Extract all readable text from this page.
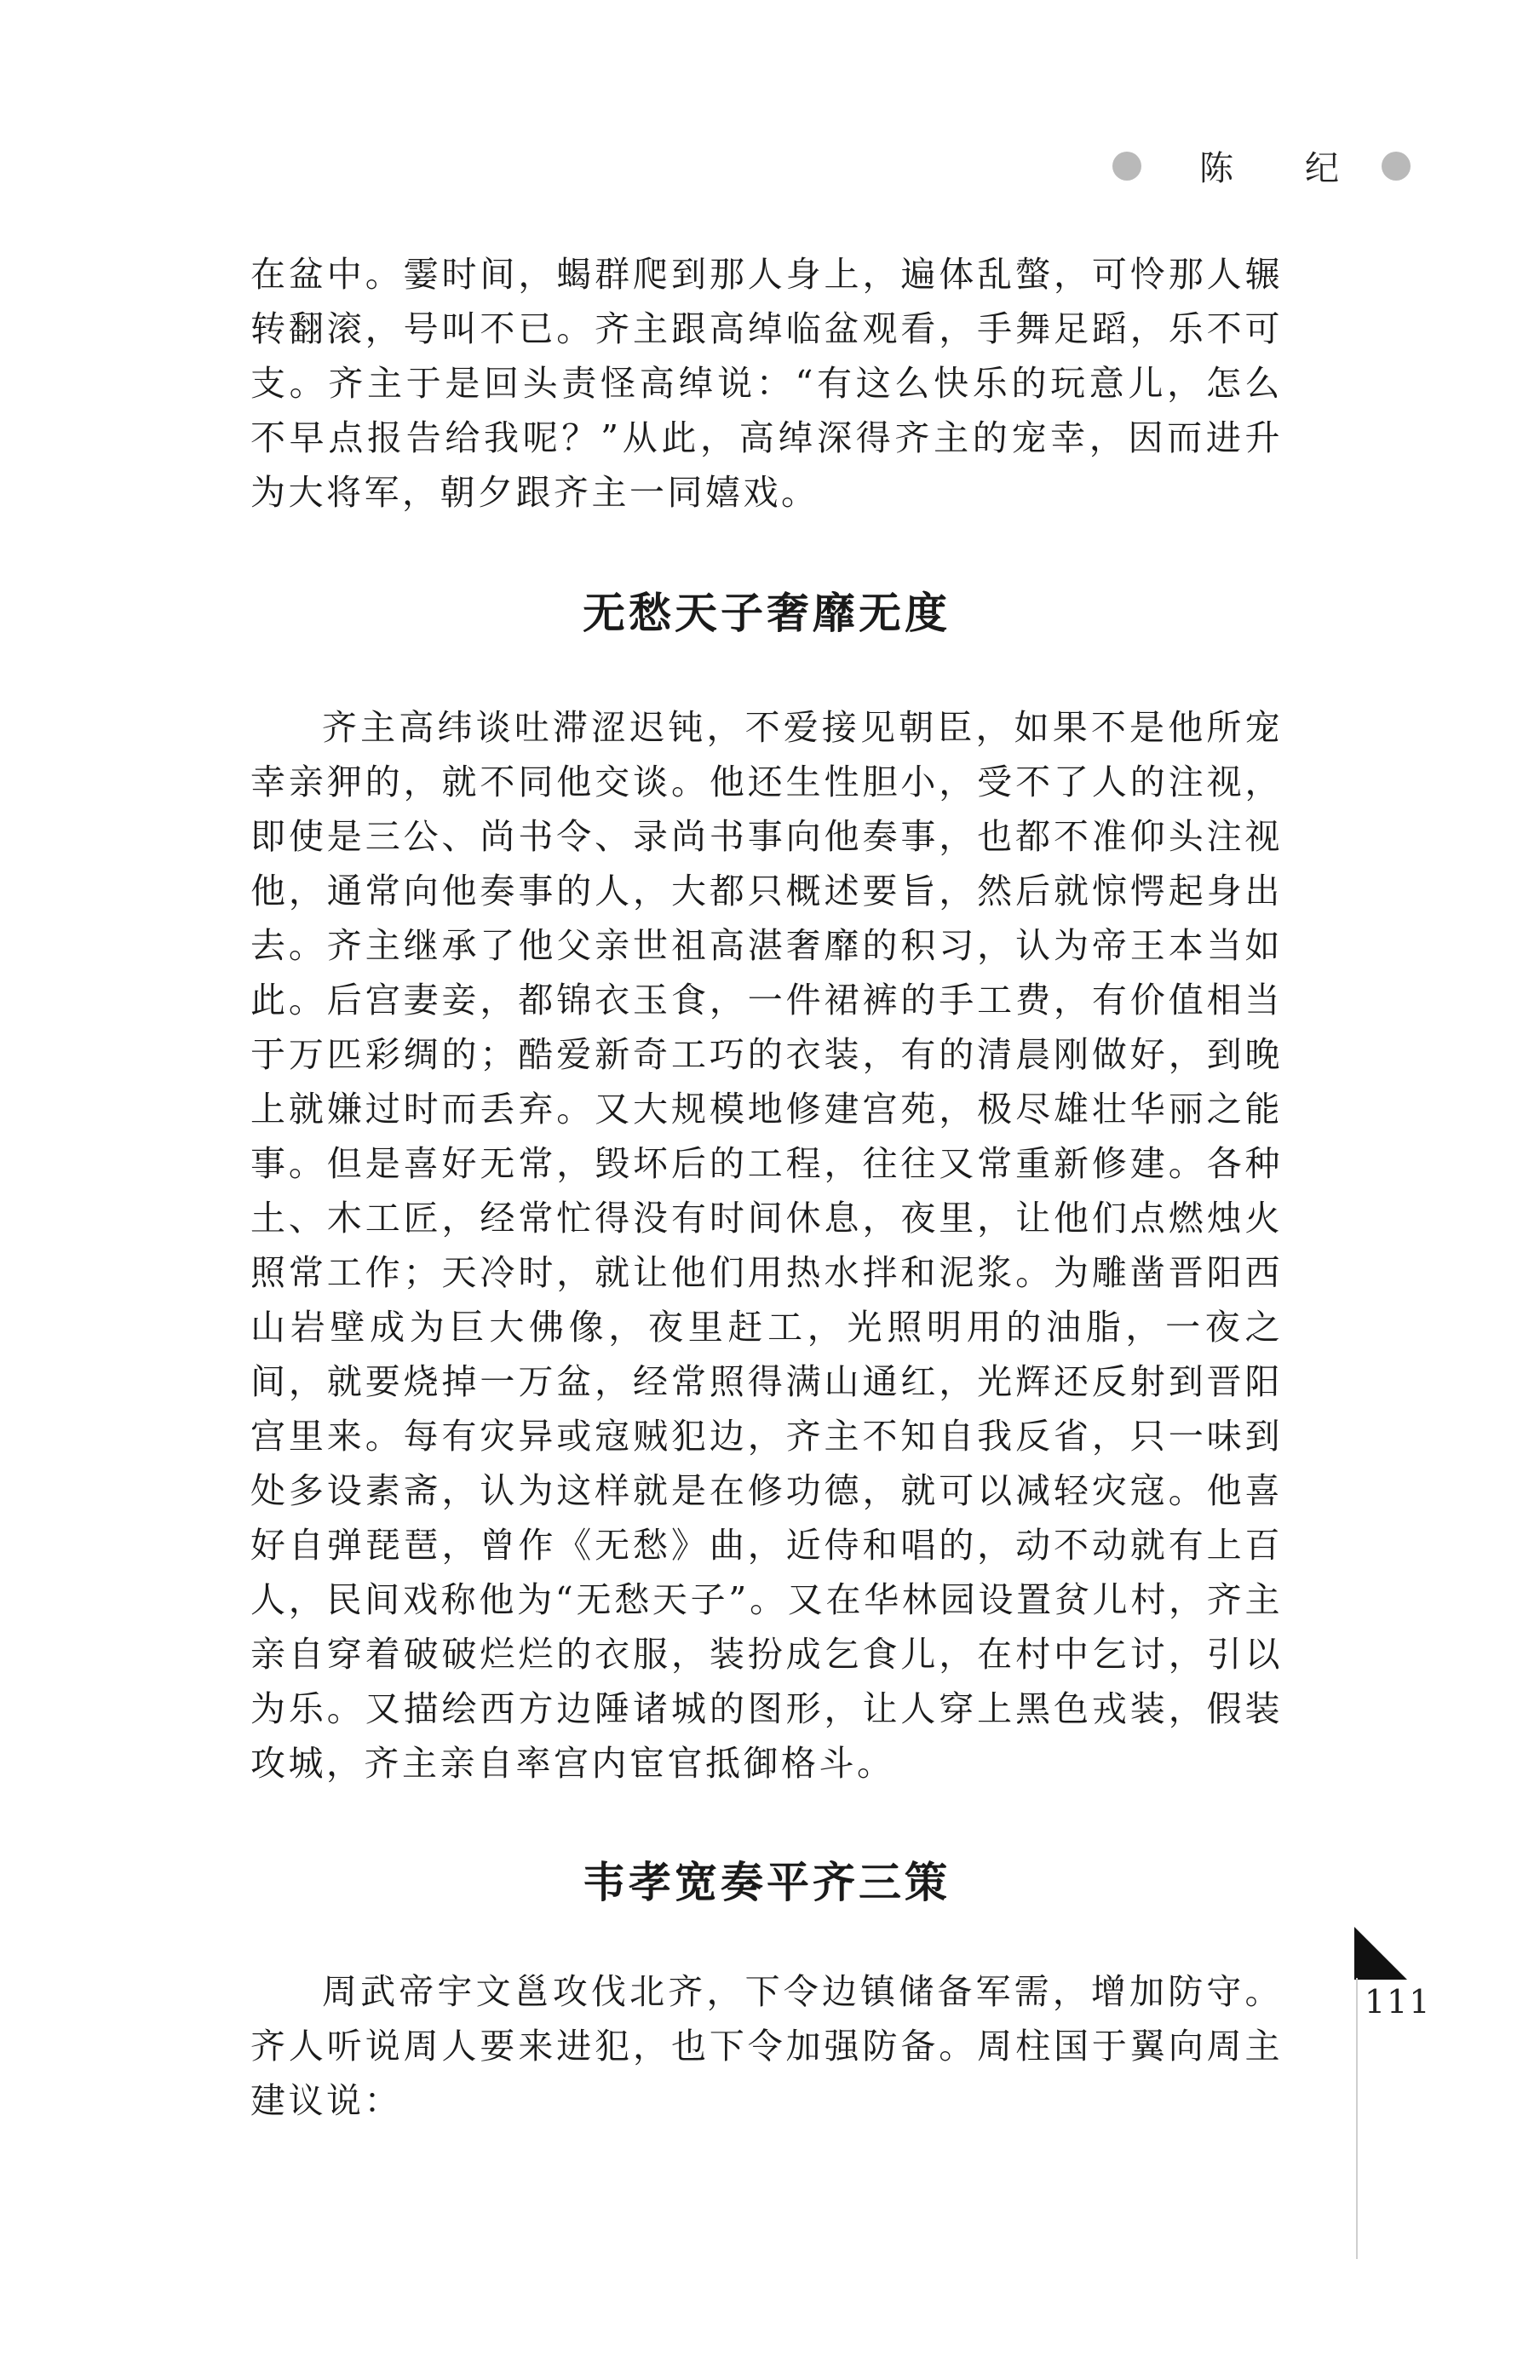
陈 纪

在盆中。霎时间，蝎群爬到那人身上，遍体乱螫，可怜那人辗转翻滚，号叫不已。齐主跟高绰临盆观看，手舞足蹈，乐不可支。齐主于是回头责怪高绰说：“有这么快乐的玩意儿，怎么不早点报告给我呢？”从此，高绰深得齐主的宠幸，因而进升为大将军，朝夕跟齐主一同嬉戏。

无愁天子奢靡无度

齐主高纬谈吐滞涩迟钝，不爱接见朝臣，如果不是他所宠幸亲狎的，就不同他交谈。他还生性胆小，受不了人的注视，即使是三公、尚书令、录尚书事向他奏事，也都不准仰头注视他，通常向他奏事的人，大都只概述要旨，然后就惊愕起身出去。齐主继承了他父亲世祖高湛奢靡的积习，认为帝王本当如此。后宫妻妾，都锦衣玉食，一件裙裤的手工费，有价值相当于万匹彩绸的；酷爱新奇工巧的衣装，有的清晨刚做好，到晚上就嫌过时而丢弃。又大规模地修建宫苑，极尽雄壮华丽之能事。但是喜好无常，毁坏后的工程，往往又常重新修建。各种土、木工匠，经常忙得没有时间休息，夜里，让他们点燃烛火照常工作；天冷时，就让他们用热水拌和泥浆。为雕凿晋阳西山岩壁成为巨大佛像，夜里赶工，光照明用的油脂，一夜之间，就要烧掉一万盆，经常照得满山通红，光辉还反射到晋阳宫里来。每有灾异或寇贼犯边，齐主不知自我反省，只一味到处多设素斋，认为这样就是在修功德，就可以减轻灾寇。他喜好自弹琵琶，曾作《无愁》曲，近侍和唱的，动不动就有上百人，民间戏称他为“无愁天子”。又在华林园设置贫儿村，齐主亲自穿着破破烂烂的衣服，装扮成乞食儿，在村中乞讨，引以为乐。又描绘西方边陲诸城的图形，让人穿上黑色戎装，假装攻城，齐主亲自率宫内宦官抵御格斗。

韦孝宽奏平齐三策

周武帝宇文邕攻伐北齐，下令边镇储备军需，增加防守。齐人听说周人要来进犯，也下令加强防备。周柱国于翼向周主建议说：

111
